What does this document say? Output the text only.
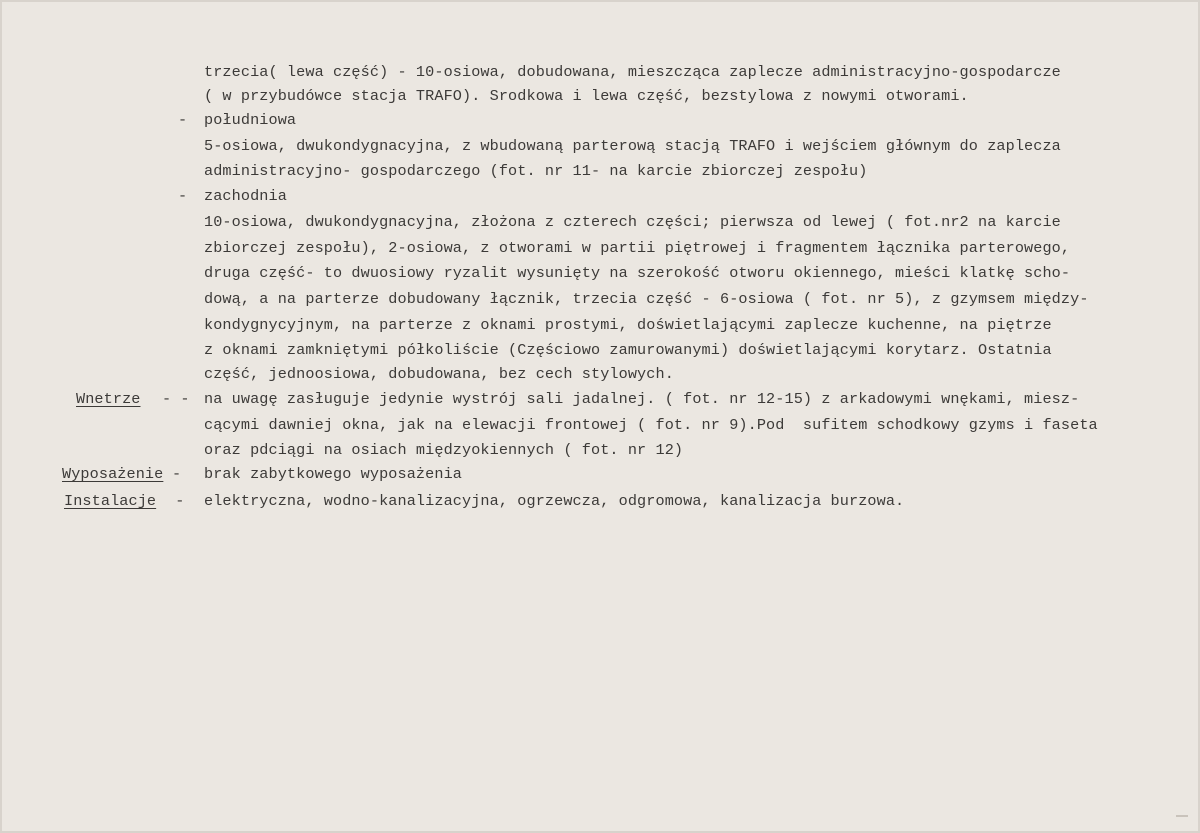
trzecia( lewa część) - 10-osiowa, dobudowana, mieszcząca zaplecze administracyjno-gospodarcze
( w przybudówce stacja TRAFO). Srodkowa i lewa część, bezstylowa z nowymi otworami.
- południowa
5-osiowa, dwukondygnacyjna, z wbudowaną parterową stacją TRAFO i wejściem głównym do zaplecza
administracyjno- gospodarczego (fot. nr 11- na karcie zbiorczej zespołu)
- zachodnia
10-osiowa, dwukondygnacyjna, złożona z czterech części; pierwsza od lewej ( fot.nr2 na karcie
zbiorczej zespołu), 2-osiowa, z otworami w partii piętrowej i fragmentem łącznika parterowego,
druga część- to dwuosiowy ryzalit wysunięty na szerokość otworu okiennego, mieści klatkę scho-
dową, a na parterze dobudowany łącznik, trzecia część - 6-osiowa ( fot. nr 5), z gzymsem między-
kondygnycyjnym, na parterze z oknami prostymi, doświetlającymi zaplecze kuchenne, na piętrze
z oknami zamkniętymi półkoliście (Częściowo zamurowanymi) doświetlającymi korytarz. Ostatnia
część, jednoosiowa, dobudowana, bez cech stylowych.
Wnetrze - - na uwagę zasługuje jedynie wystrój sali jadalnej. ( fot. nr 12-15) z arkadowymi wnękami, miesz-
cącymi dawniej okna, jak na elewacji frontowej ( fot. nr 9).Pod  sufitem schodkowy gzyms i faseta
oraz pdciągi na osiach międzyokiennych ( fot. nr 12)
Wyposażenie - brak zabytkowego wyposażenia
Instalacje - elektryczna, wodno-kanalizacyjna, ogrzewcza, odgromowa, kanalizacja burzowa.
